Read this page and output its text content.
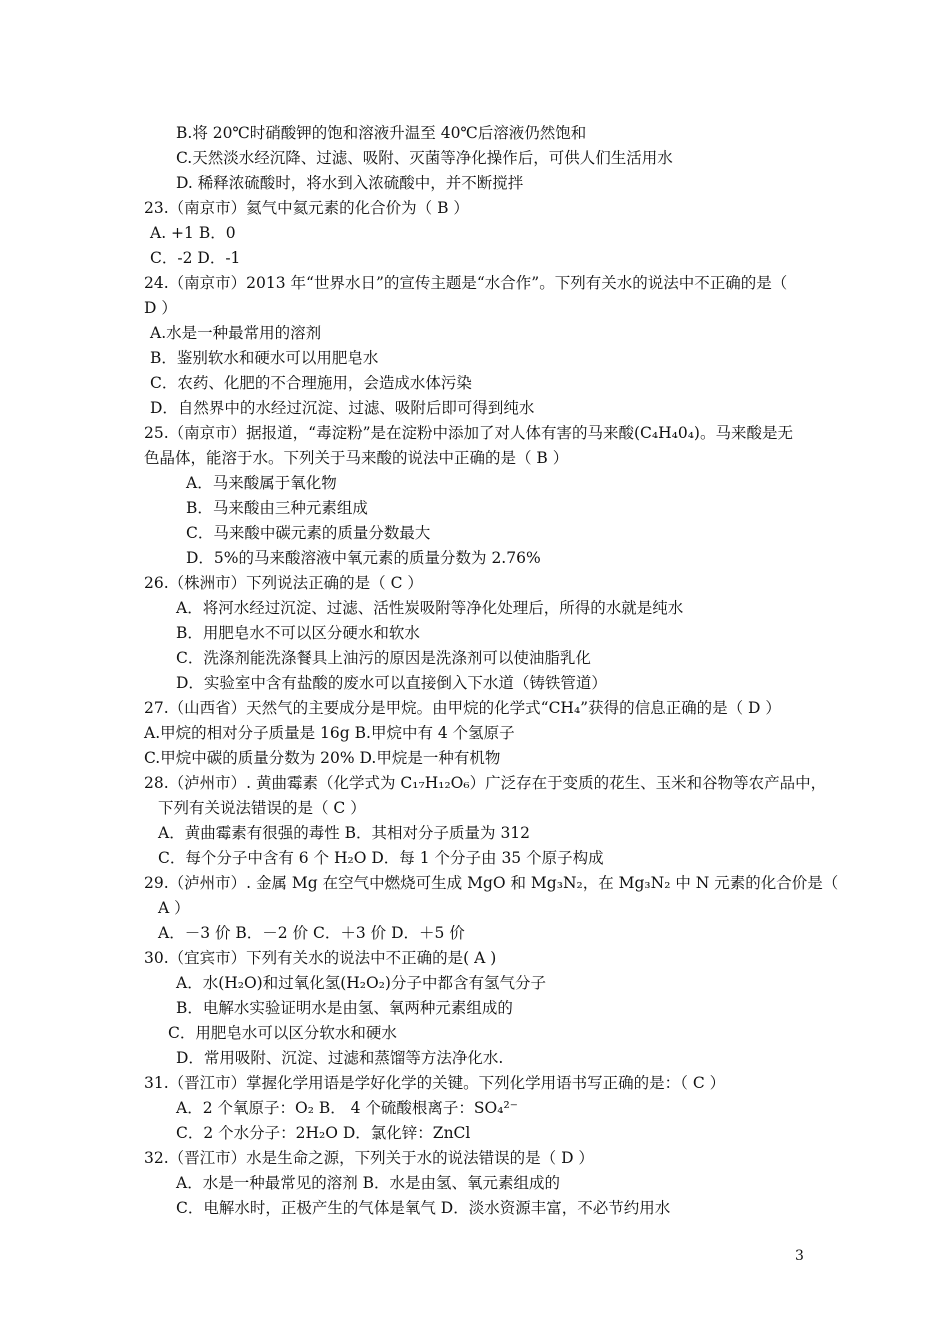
3
B.将 20℃时硝酸钾的饱和溶液升温至 40℃后溶液仍然饱和
C.天然淡水经沉降、过滤、吸附、灭菌等净化操作后，可供人们生活用水
D. 稀释浓硫酸时，将水到入浓硫酸中，并不断搅拌
23.（南京市）氦气中氦元素的化合价为（ B ）
A. +1 B．0
C．-2 D．-1
24.（南京市）2013 年“世界水日”的宣传主题是“水合作”。下列有关水的说法中不正确的是（
D ）
A.水是一种最常用的溶剂
B．鉴别软水和硬水可以用肥皂水
C．农药、化肥的不合理施用，会造成水体污染
D．自然界中的水经过沉淀、过滤、吸附后即可得到纯水
25.（南京市）据报道，“毒淀粉”是在淀粉中添加了对人体有害的马来酸(C₄H₄0₄)。马来酸是无
色晶体，能溶于水。下列关于马来酸的说法中正确的是（ B ）
A．马来酸属于氧化物
B．马来酸由三种元素组成
C．马来酸中碳元素的质量分数最大
D．5%的马来酸溶液中氧元素的质量分数为 2.76%
26.（株洲市）下列说法正确的是（ C ）
A．将河水经过沉淀、过滤、活性炭吸附等净化处理后，所得的水就是纯水
B．用肥皂水不可以区分硬水和软水
C．洗涤剂能洗涤餐具上油污的原因是洗涤剂可以使油脂乳化
D．实验室中含有盐酸的废水可以直接倒入下水道（铸铁管道）
27.（山西省）天然气的主要成分是甲烷。由甲烷的化学式“CH₄”获得的信息正确的是（ D ）
A.甲烷的相对分子质量是 16g B.甲烷中有 4 个氢原子
C.甲烷中碳的质量分数为 20% D.甲烷是一种有机物
28.（泸州市）. 黄曲霉素（化学式为 C₁₇H₁₂O₆）广泛存在于变质的花生、玉米和谷物等农产品中，
下列有关说法错误的是（ C ）
A．黄曲霉素有很强的毒性 B．其相对分子质量为 312
C．每个分子中含有 6 个 H₂O D．每 1 个分子由 35 个原子构成
29.（泸州市）. 金属 Mg 在空气中燃烧可生成 MgO 和 Mg₃N₂，在 Mg₃N₂ 中 N 元素的化合价是（
A ）
A．－3 价 B．－2 价 C．＋3 价 D．＋5 价
30.（宜宾市）下列有关水的说法中不正确的是( A )
A．水(H₂O)和过氧化氢(H₂O₂)分子中都含有氢气分子
B．电解水实验证明水是由氢、氧两种元素组成的
C．用肥皂水可以区分软水和硬水
D．常用吸附、沉淀、过滤和蒸馏等方法净化水.
31.（晋江市）掌握化学用语是学好化学的关键。下列化学用语书写正确的是：（ C ）
A．2 个氧原子：O₂ B． 4 个硫酸根离子：SO₄²⁻
C．2 个水分子：2H₂O D．氯化锌：ZnCl
32.（晋江市）水是生命之源，下列关于水的说法错误的是（ D ）
A．水是一种最常见的溶剂 B．水是由氢、氧元素组成的
C．电解水时，正极产生的气体是氧气 D．淡水资源丰富，不必节约用水
